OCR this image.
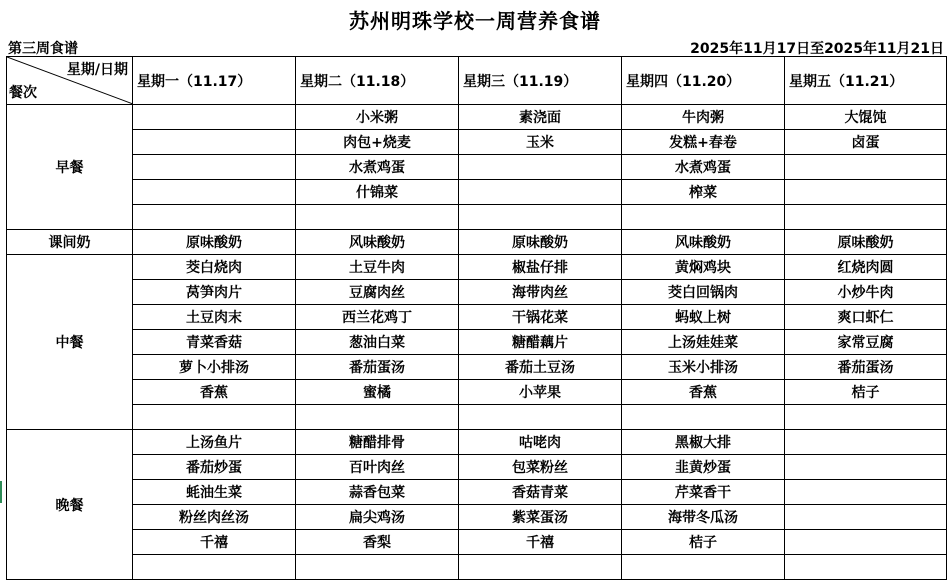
苏州明珠学校一周营养食谱
第三周食谱	2025年11月17日至2025年11月21日
星期/日期
餐次	星期一（11.17）	星期二（11.18）	星期三（11.19）	星期四（11.20）	星期五（11.21）
早餐		小米粥	素浇面	牛肉粥	大馄饨
		肉包+烧麦	玉米	发糕+春卷	卤蛋
		水煮鸡蛋		水煮鸡蛋	
		什锦菜		榨菜	

课间奶	原味酸奶	风味酸奶	原味酸奶	风味酸奶	原味酸奶
中餐	茭白烧肉	土豆牛肉	椒盐仔排	黄焖鸡块	红烧肉圆
	莴笋肉片	豆腐肉丝	海带肉丝	茭白回锅肉	小炒牛肉
	土豆肉末	西兰花鸡丁	干锅花菜	蚂蚁上树	爽口虾仁
	青菜香菇	葱油白菜	糖醋藕片	上汤娃娃菜	家常豆腐
	萝卜小排汤	番茄蛋汤	番茄土豆汤	玉米小排汤	番茄蛋汤
	香蕉	蜜橘	小苹果	香蕉	桔子

晚餐	上汤鱼片	糖醋排骨	咕咾肉	黑椒大排	
	番茄炒蛋	百叶肉丝	包菜粉丝	韭黄炒蛋	
	蚝油生菜	蒜香包菜	香菇青菜	芹菜香干	
	粉丝肉丝汤	扁尖鸡汤	紫菜蛋汤	海带冬瓜汤	
	千禧	香梨	千禧	桔子	
